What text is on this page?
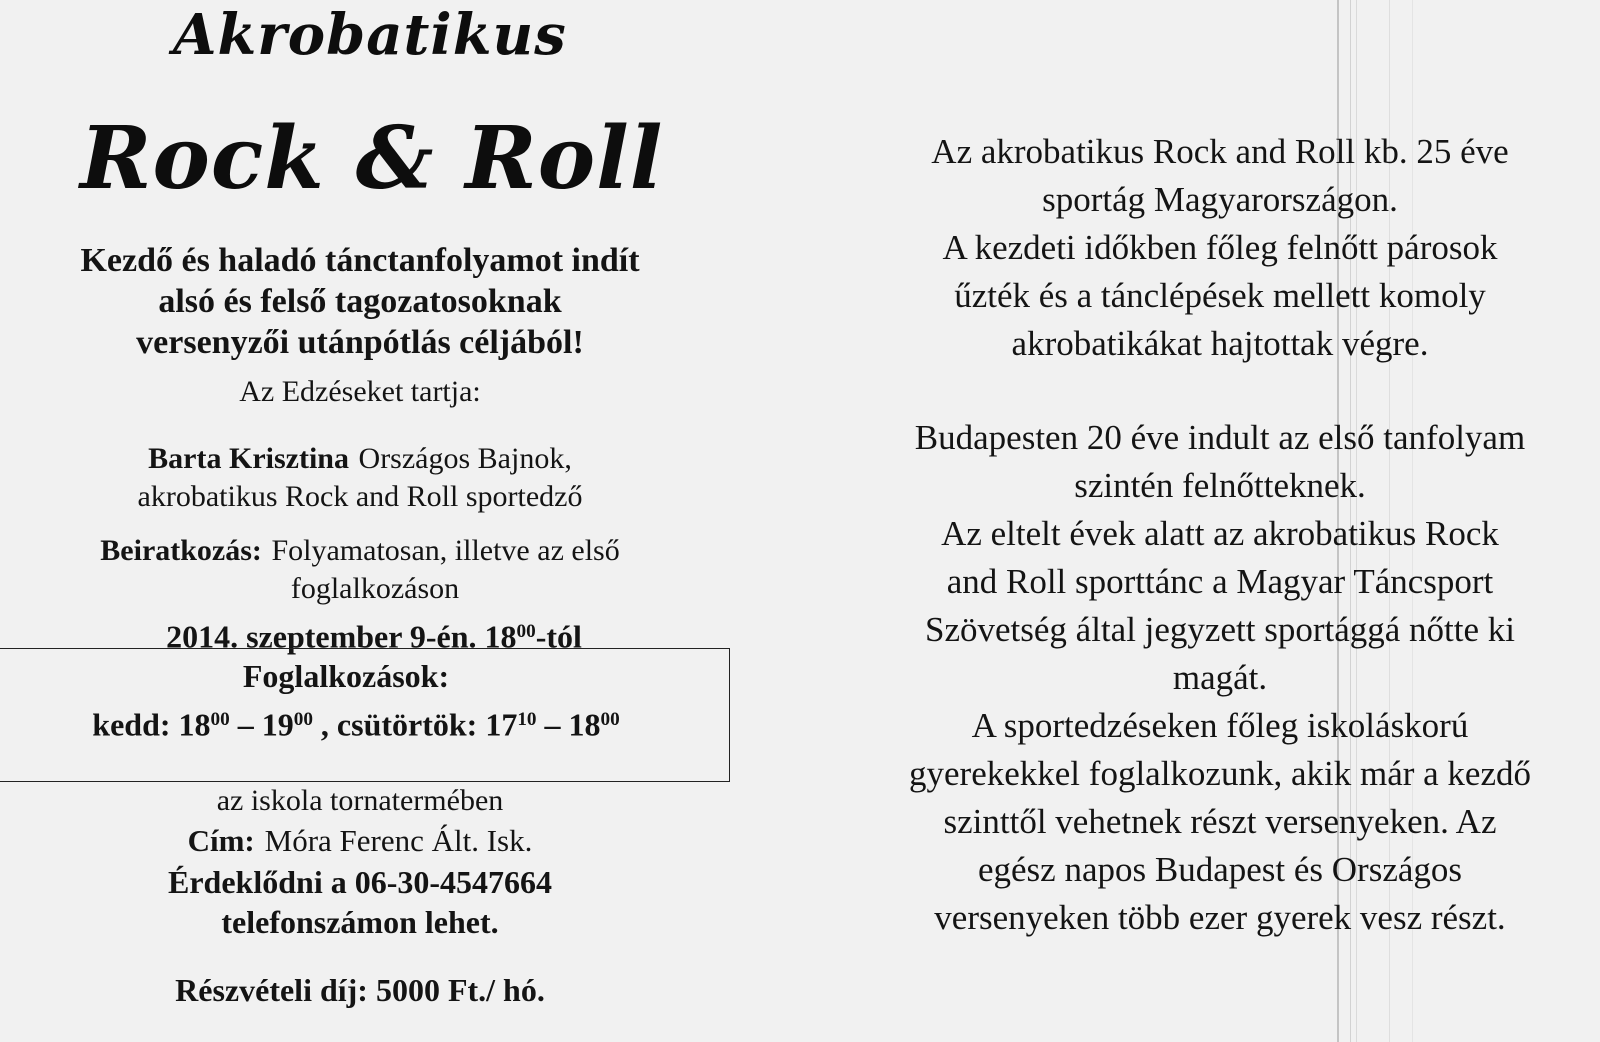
Akrobatikus
Rock & Roll
Kezdő és haladó tánctanfolyamot indít
alsó és felső tagozatosoknak
versenyzői utánpótlás céljából!
Az Edzéseket tartja:
Barta Krisztina Országos Bajnok,
akrobatikus Rock and Roll sportedző
Beiratkozás: Folyamatosan, illetve az első
foglalkozáson
2014. szeptember 9-én. $18^{00}$-tól
Foglalkozások:
kedd: $18^{00} - 19^{00}$ , csütörtök: $17^{10} - 18^{00}$
az iskola tornatermében
Cím: Móra Ferenc Ált. Isk.
Érdeklődni a 06-30-4547664
telefonszámon lehet.
Részvételi díj: 5000 Ft./ hó.

Az akrobatikus Rock and Roll kb. 25 éve

sportág Magyarországon.

A kezdeti időkben főleg felnőtt párosok

űzték és a tánclépések mellett komoly

akrobatikákat hajtottak végre.

Budapesten 20 éve indult az első tanfolyam

szintén felnőtteknek.

Az eltelt évek alatt az akrobatikus Rock

and Roll sporttánc a Magyar Táncsport

Szövetség által jegyzett sportággá nőtte ki

magát.

A sportedzéseken főleg iskoláskorú

gyerekekkel foglalkozunk, akik már a kezdő

szinttől vehetnek részt versenyeken. Az

egész napos Budapest és Országos

versenyeken több ezer gyerek vesz részt.
